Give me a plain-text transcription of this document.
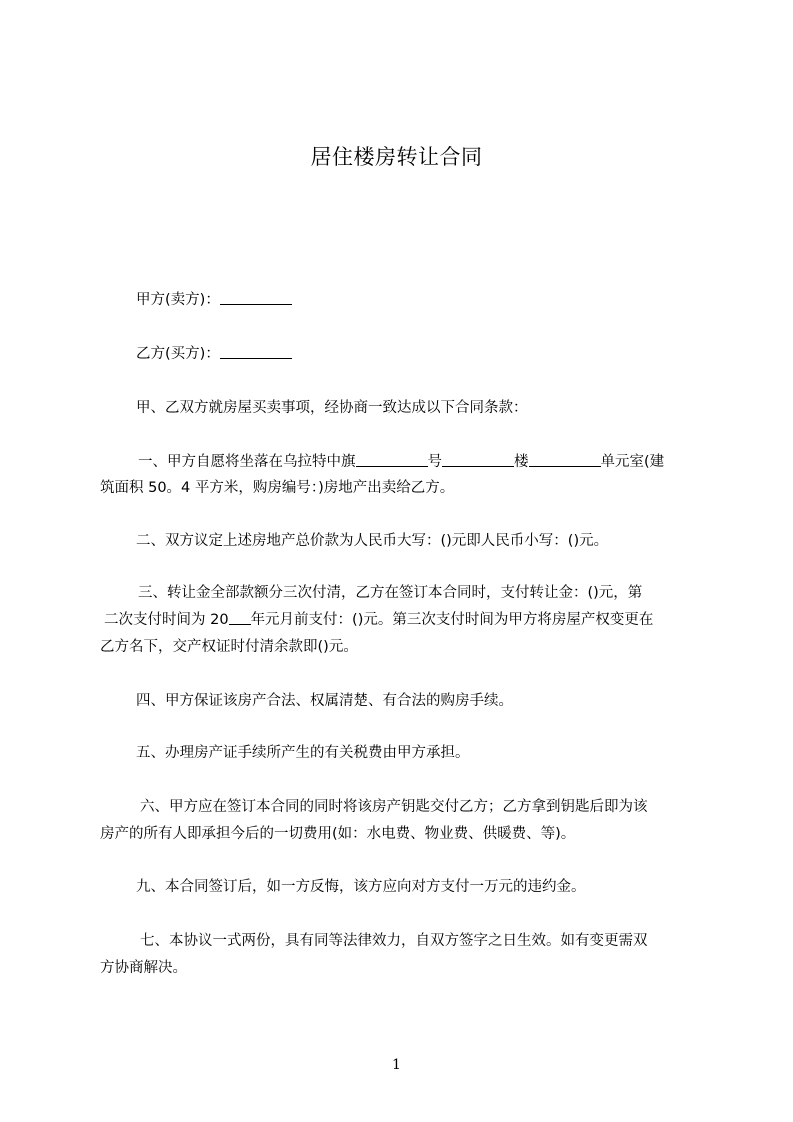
居住楼房转让合同
甲方(卖方)：
乙方(买方)：
甲、乙双方就房屋买卖事项，经协商一致达成以下合同条款：
一、甲方自愿将坐落在乌拉特中旗	号	楼	单元室(建
筑面积 50。4 平方米，购房编号：)房地产出卖给乙方。
二、双方议定上述房地产总价款为人民币大写：()元即人民币小写：()元。
三、转让金全部款额分三次付清，乙方在签订本合同时，支付转让金：()元，第
二次支付时间为 20 年元月前支付：()元。第三次支付时间为甲方将房屋产权变更在
乙方名下，交产权证时付清余款即()元。
四、甲方保证该房产合法、权属清楚、有合法的购房手续。
五、办理房产证手续所产生的有关税费由甲方承担。
六、甲方应在签订本合同的同时将该房产钥匙交付乙方；乙方拿到钥匙后即为该
房产的所有人即承担今后的一切费用(如：水电费、物业费、供暖费、等)。
九、本合同签订后，如一方反悔，该方应向对方支付一万元的违约金。
七、本协议一式两份，具有同等法律效力，自双方签字之日生效。如有变更需双
方协商解决。
1
